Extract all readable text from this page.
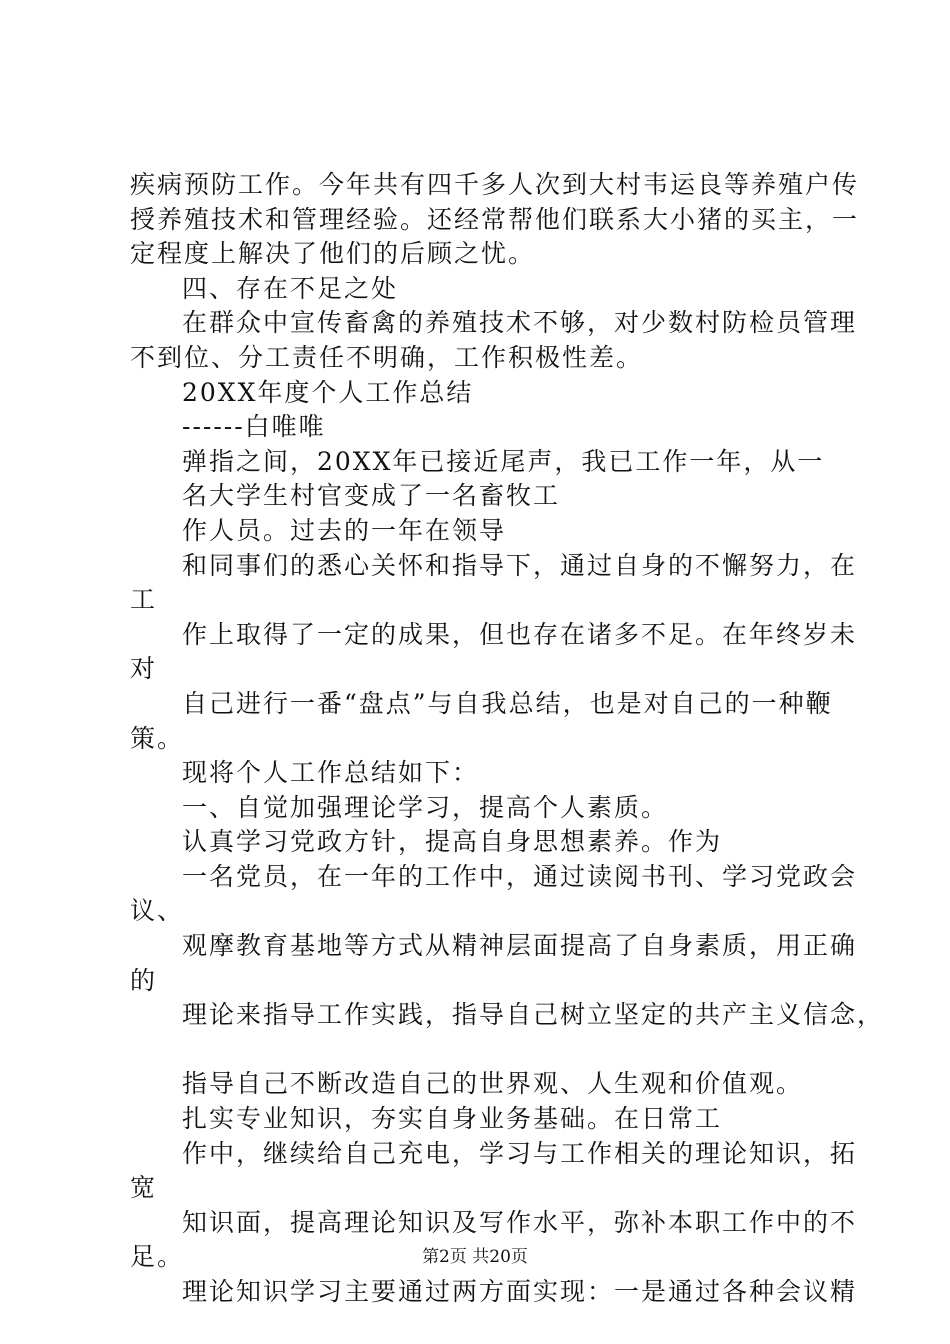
疾病预防工作。今年共有四千多人次到大村韦运良等养殖户传
授养殖技术和管理经验。还经常帮他们联系大小猪的买主，一
定程度上解决了他们的后顾之忧。
四、存在不足之处
在群众中宣传畜禽的养殖技术不够，对少数村防检员管理
不到位、分工责任不明确，工作积极性差。
20XX年度个人工作总结
------白唯唯
弹指之间，20XX年已接近尾声，我已工作一年，从一
名大学生村官变成了一名畜牧工
作人员。过去的一年在领导
和同事们的悉心关怀和指导下，通过自身的不懈努力，在
工
作上取得了一定的成果，但也存在诸多不足。在年终岁未
对
自己进行一番“盘点”与自我总结，也是对自己的一种鞭
策。
现将个人工作总结如下：
一、自觉加强理论学习，提高个人素质。
认真学习党政方针，提高自身思想素养。作为
一名党员，在一年的工作中，通过读阅书刊、学习党政会
议、
观摩教育基地等方式从精神层面提高了自身素质，用正确
的
理论来指导工作实践，指导自己树立坚定的共产主义信念，
指导自己不断改造自己的世界观、人生观和价值观。
扎实专业知识，夯实自身业务基础。在日常工
作中，继续给自己充电，学习与工作相关的理论知识，拓
宽
知识面，提高理论知识及写作水平，弥补本职工作中的不
足。
理论知识学习主要通过两方面实现：一是通过各种会议精
第2页 共20页
